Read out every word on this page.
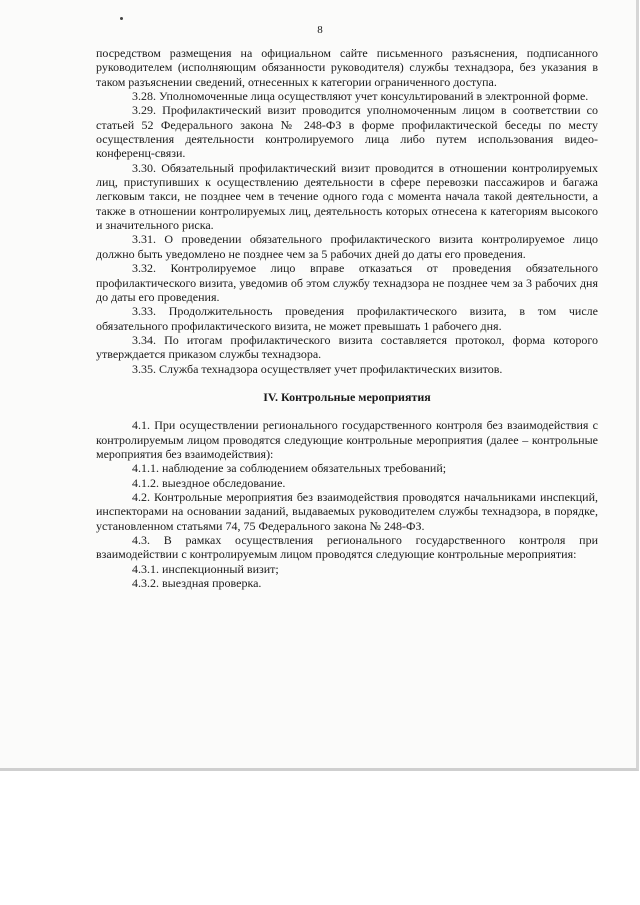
8

посредством размещения на официальном сайте письменного разъяснения, подписанного руководителем (исполняющим обязанности руководителя) службы технадзора, без указания в таком разъяснении сведений, отнесенных к категории ограниченного доступа.

3.28. Уполномоченные лица осуществляют учет консультирований в электронной форме.

3.29. Профилактический визит проводится уполномоченным лицом в соответствии со статьей 52 Федерального закона № 248-ФЗ в форме профилактической беседы по месту осуществления деятельности контролируемого лица либо путем использования видео-конференц-связи.

3.30. Обязательный профилактический визит проводится в отношении контролируемых лиц, приступивших к осуществлению деятельности в сфере перевозки пассажиров и багажа легковым такси, не позднее чем в течение одного года с момента начала такой деятельности, а также в отношении контролируемых лиц, деятельность которых отнесена к категориям высокого и значительного риска.

3.31. О проведении обязательного профилактического визита контролируемое лицо должно быть уведомлено не позднее чем за 5 рабочих дней до даты его проведения.

3.32. Контролируемое лицо вправе отказаться от проведения обязательного профилактического визита, уведомив об этом службу технадзора не позднее чем за 3 рабочих дня до даты его проведения.

3.33. Продолжительность проведения профилактического визита, в том числе обязательного профилактического визита, не может превышать 1 рабочего дня.

3.34. По итогам профилактического визита составляется протокол, форма которого утверждается приказом службы технадзора.

3.35. Служба технадзора осуществляет учет профилактических визитов.

IV. Контрольные мероприятия

4.1. При осуществлении регионального государственного контроля без взаимодействия с контролируемым лицом проводятся следующие контрольные мероприятия (далее – контрольные мероприятия без взаимодействия):

4.1.1. наблюдение за соблюдением обязательных требований;

4.1.2. выездное обследование.

4.2. Контрольные мероприятия без взаимодействия проводятся начальниками инспекций, инспекторами на основании заданий, выдаваемых руководителем службы технадзора, в порядке, установленном статьями 74, 75 Федерального закона № 248-ФЗ.

4.3. В рамках осуществления регионального государственного контроля при взаимодействии с контролируемым лицом проводятся следующие контрольные мероприятия:

4.3.1. инспекционный визит;

4.3.2. выездная проверка.
